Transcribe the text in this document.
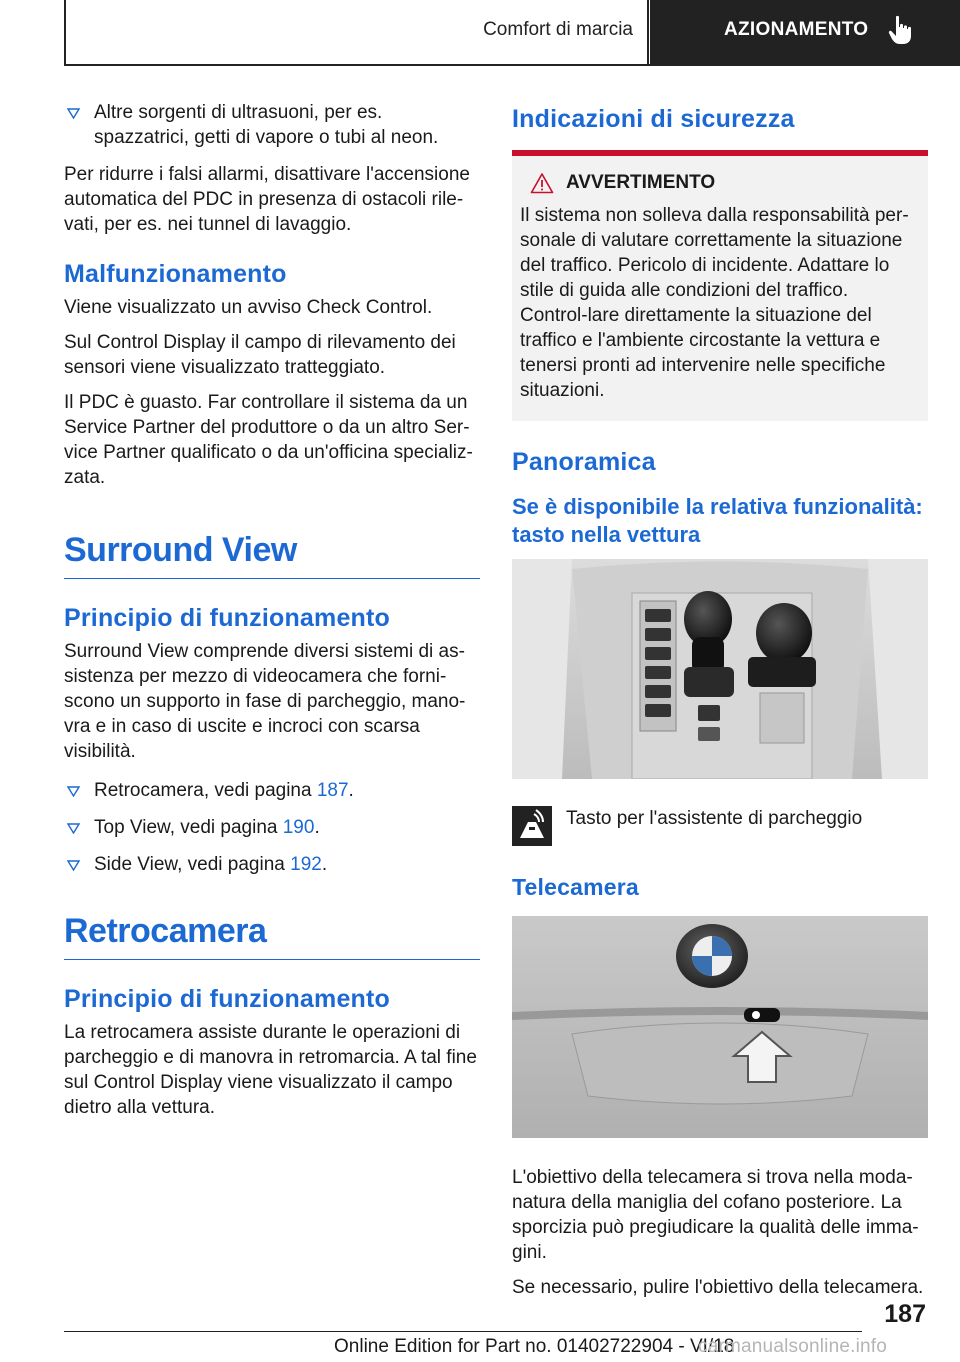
Comfort di marcia	AZIONAMENTO
Altre sorgenti di ultrasuoni, per es. spazzatrici, getti di vapore o tubi al neon.

Per ridurre i falsi allarmi, disattivare l'accensione automatica del PDC in presenza di ostacoli rile‐vati, per es. nei tunnel di lavaggio.

Malfunzionamento

Viene visualizzato un avviso Check Control.

Sul Control Display il campo di rilevamento dei sensori viene visualizzato tratteggiato.

Il PDC è guasto. Far controllare il sistema da un Service Partner del produttore o da un altro Ser‐vice Partner qualificato o da un'officina specializ‐zata.

Surround View
Principio di funzionamento

Surround View comprende diversi sistemi di as‐sistenza per mezzo di videocamera che forni‐scono un supporto in fase di parcheggio, mano‐vra e in caso di uscite e incroci con scarsa visibilità.

Retrocamera, vedi pagina 187.
Top View, vedi pagina 190.
Side View, vedi pagina 192.
Retrocamera
Principio di funzionamento

La retrocamera assiste durante le operazioni di parcheggio e di manovra in retromarcia. A tal fine sul Control Display viene visualizzato il campo dietro alla vettura.

Indicazioni di sicurezza
AVVERTIMENTO

Il sistema non solleva dalla responsabilità per‐sonale di valutare correttamente la situazione del traffico. Pericolo di incidente. Adattare lo stile di guida alle condizioni del traffico. Control‐lare direttamente la situazione del traffico e l'ambiente circostante la vettura e tenersi pronti ad intervenire nelle specifiche situazioni.

Panoramica
Se è disponibile la relativa funzionalità: tasto nella vettura
Tasto per l'assistente di parcheggio
Telecamera

L'obiettivo della telecamera si trova nella moda‐natura della maniglia del cofano posteriore. La sporcizia può pregiudicare la qualità delle imma‐gini.

Se necessario, pulire l'obiettivo della telecamera.

187
Online Edition for Part no. 01402722904 - VI/18
carmanualsonline.info
